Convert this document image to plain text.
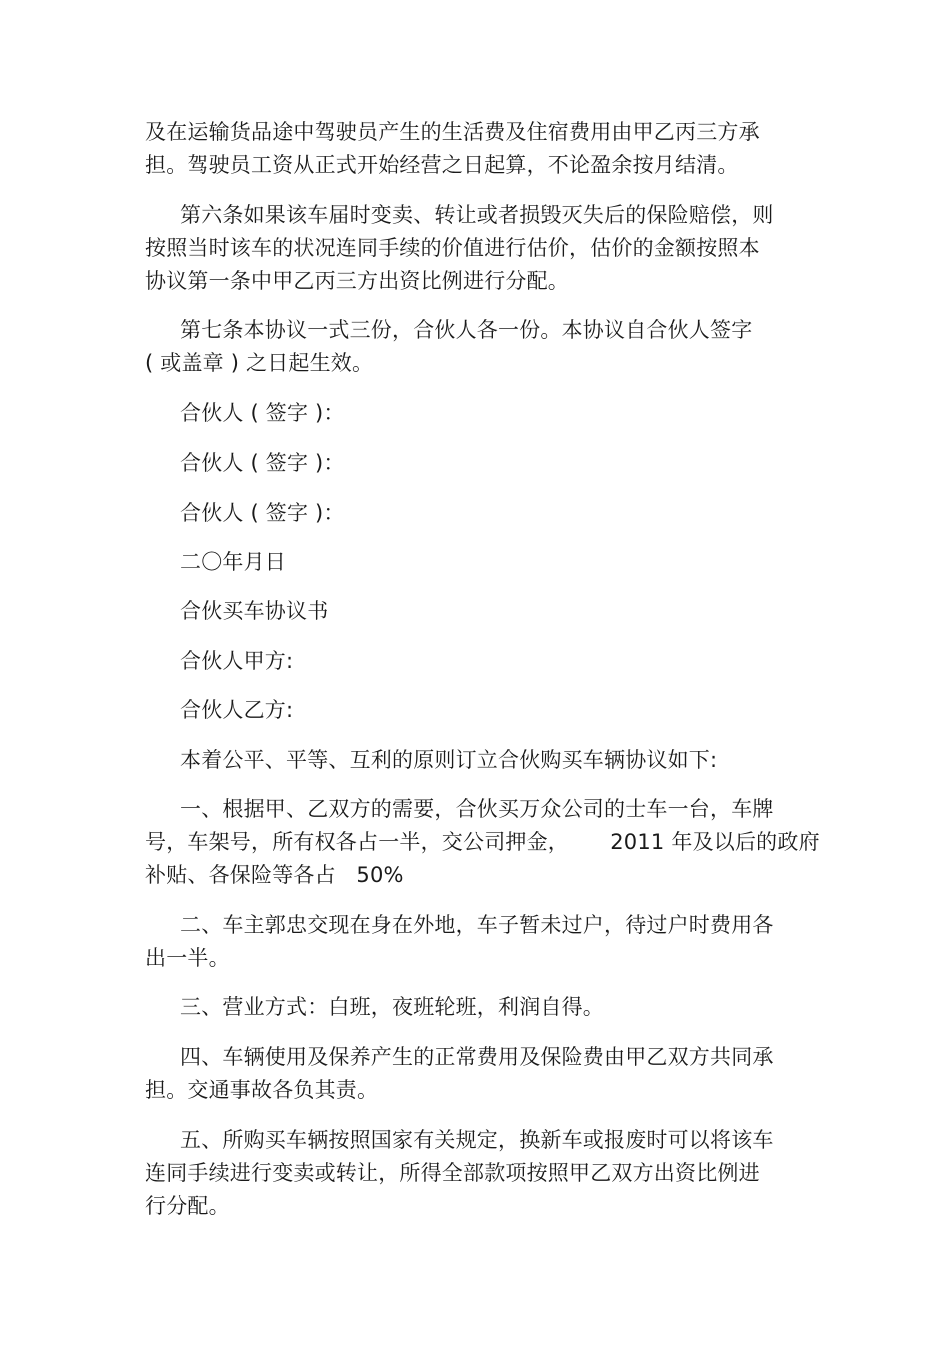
及在运输货品途中驾驶员产生的生活费及住宿费用由甲乙丙三方承
担。驾驶员工资从正式开始经营之日起算，不论盈余按月结清。
第六条如果该车届时变卖、转让或者损毁灭失后的保险赔偿，则
按照当时该车的状况连同手续的价值进行估价，估价的金额按照本
协议第一条中甲乙丙三方出资比例进行分配。
第七条本协议一式三份，合伙人各一份。本协议自合伙人签字
( 或盖章 ) 之日起生效。
合伙人 ( 签字 )：
合伙人 ( 签字 )：
合伙人 ( 签字 )：
二〇年月日
合伙买车协议书
合伙人甲方:
合伙人乙方:
本着公平、平等、互利的原则订立合伙购买车辆协议如下:
一、根据甲、乙双方的需要，合伙买万众公司的士车一台，车牌
号，车架号，所有权各占一半，交公司押金，      2011 年及以后的政府
补贴、各保险等各占   50%
二、车主郭忠交现在身在外地，车子暂未过户，待过户时费用各
出一半。
三、营业方式：白班，夜班轮班，利润自得。
四、车辆使用及保养产生的正常费用及保险费由甲乙双方共同承
担。交通事故各负其责。
五、所购买车辆按照国家有关规定，换新车或报废时可以将该车
连同手续进行变卖或转让，所得全部款项按照甲乙双方出资比例进
行分配。
